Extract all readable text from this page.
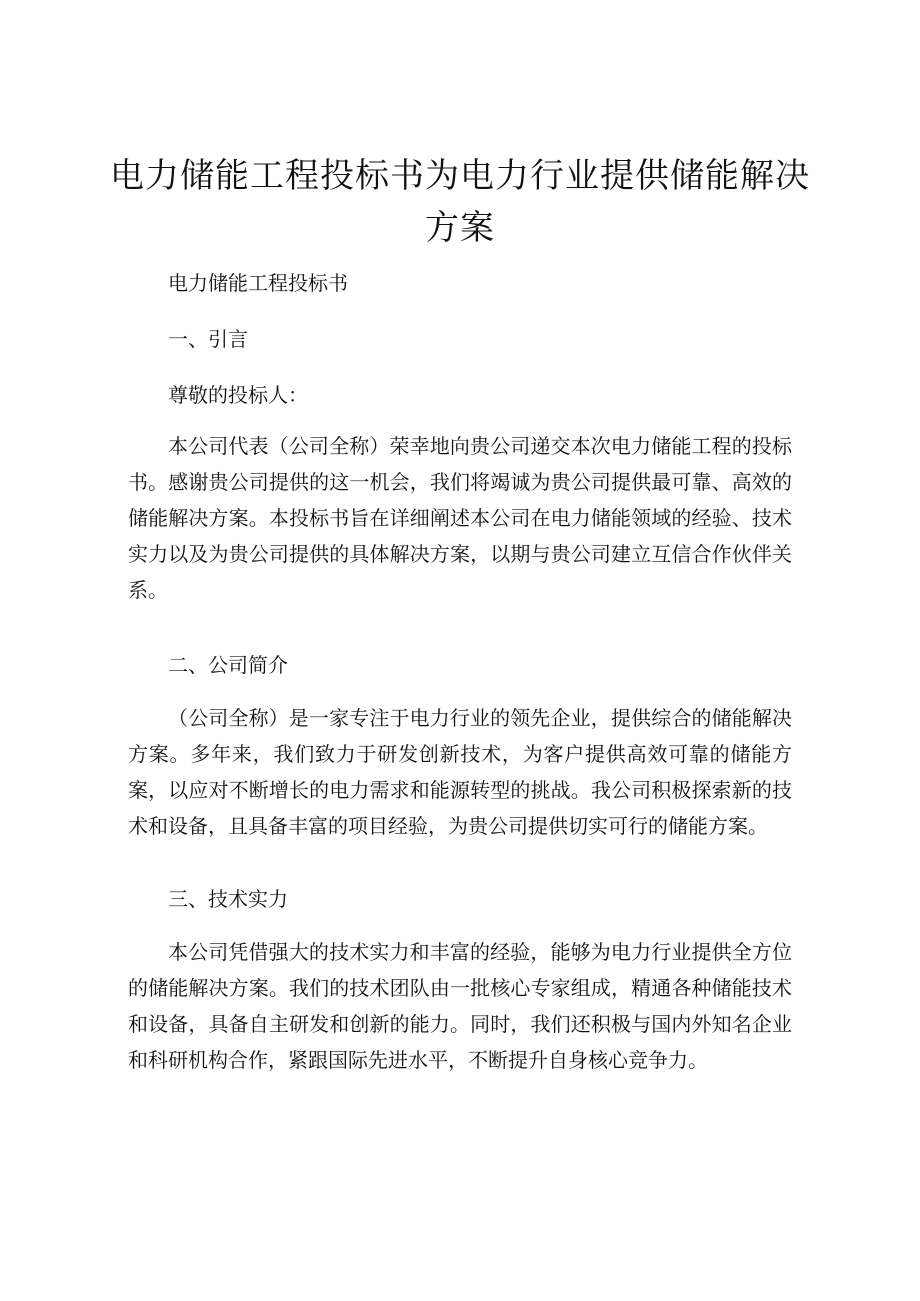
电力储能工程投标书为电力行业提供储能解决方案

电力储能工程投标书

一、引言

尊敬的投标人：

本公司代表（公司全称）荣幸地向贵公司递交本次电力储能工程的投标书。感谢贵公司提供的这一机会，我们将竭诚为贵公司提供最可靠、高效的储能解决方案。本投标书旨在详细阐述本公司在电力储能领域的经验、技术实力以及为贵公司提供的具体解决方案，以期与贵公司建立互信合作伙伴关系。

二、公司简介

（公司全称）是一家专注于电力行业的领先企业，提供综合的储能解决方案。多年来，我们致力于研发创新技术，为客户提供高效可靠的储能方案，以应对不断增长的电力需求和能源转型的挑战。我公司积极探索新的技术和设备，且具备丰富的项目经验，为贵公司提供切实可行的储能方案。

三、技术实力

本公司凭借强大的技术实力和丰富的经验，能够为电力行业提供全方位的储能解决方案。我们的技术团队由一批核心专家组成，精通各种储能技术和设备，具备自主研发和创新的能力。同时，我们还积极与国内外知名企业和科研机构合作，紧跟国际先进水平，不断提升自身核心竞争力。
